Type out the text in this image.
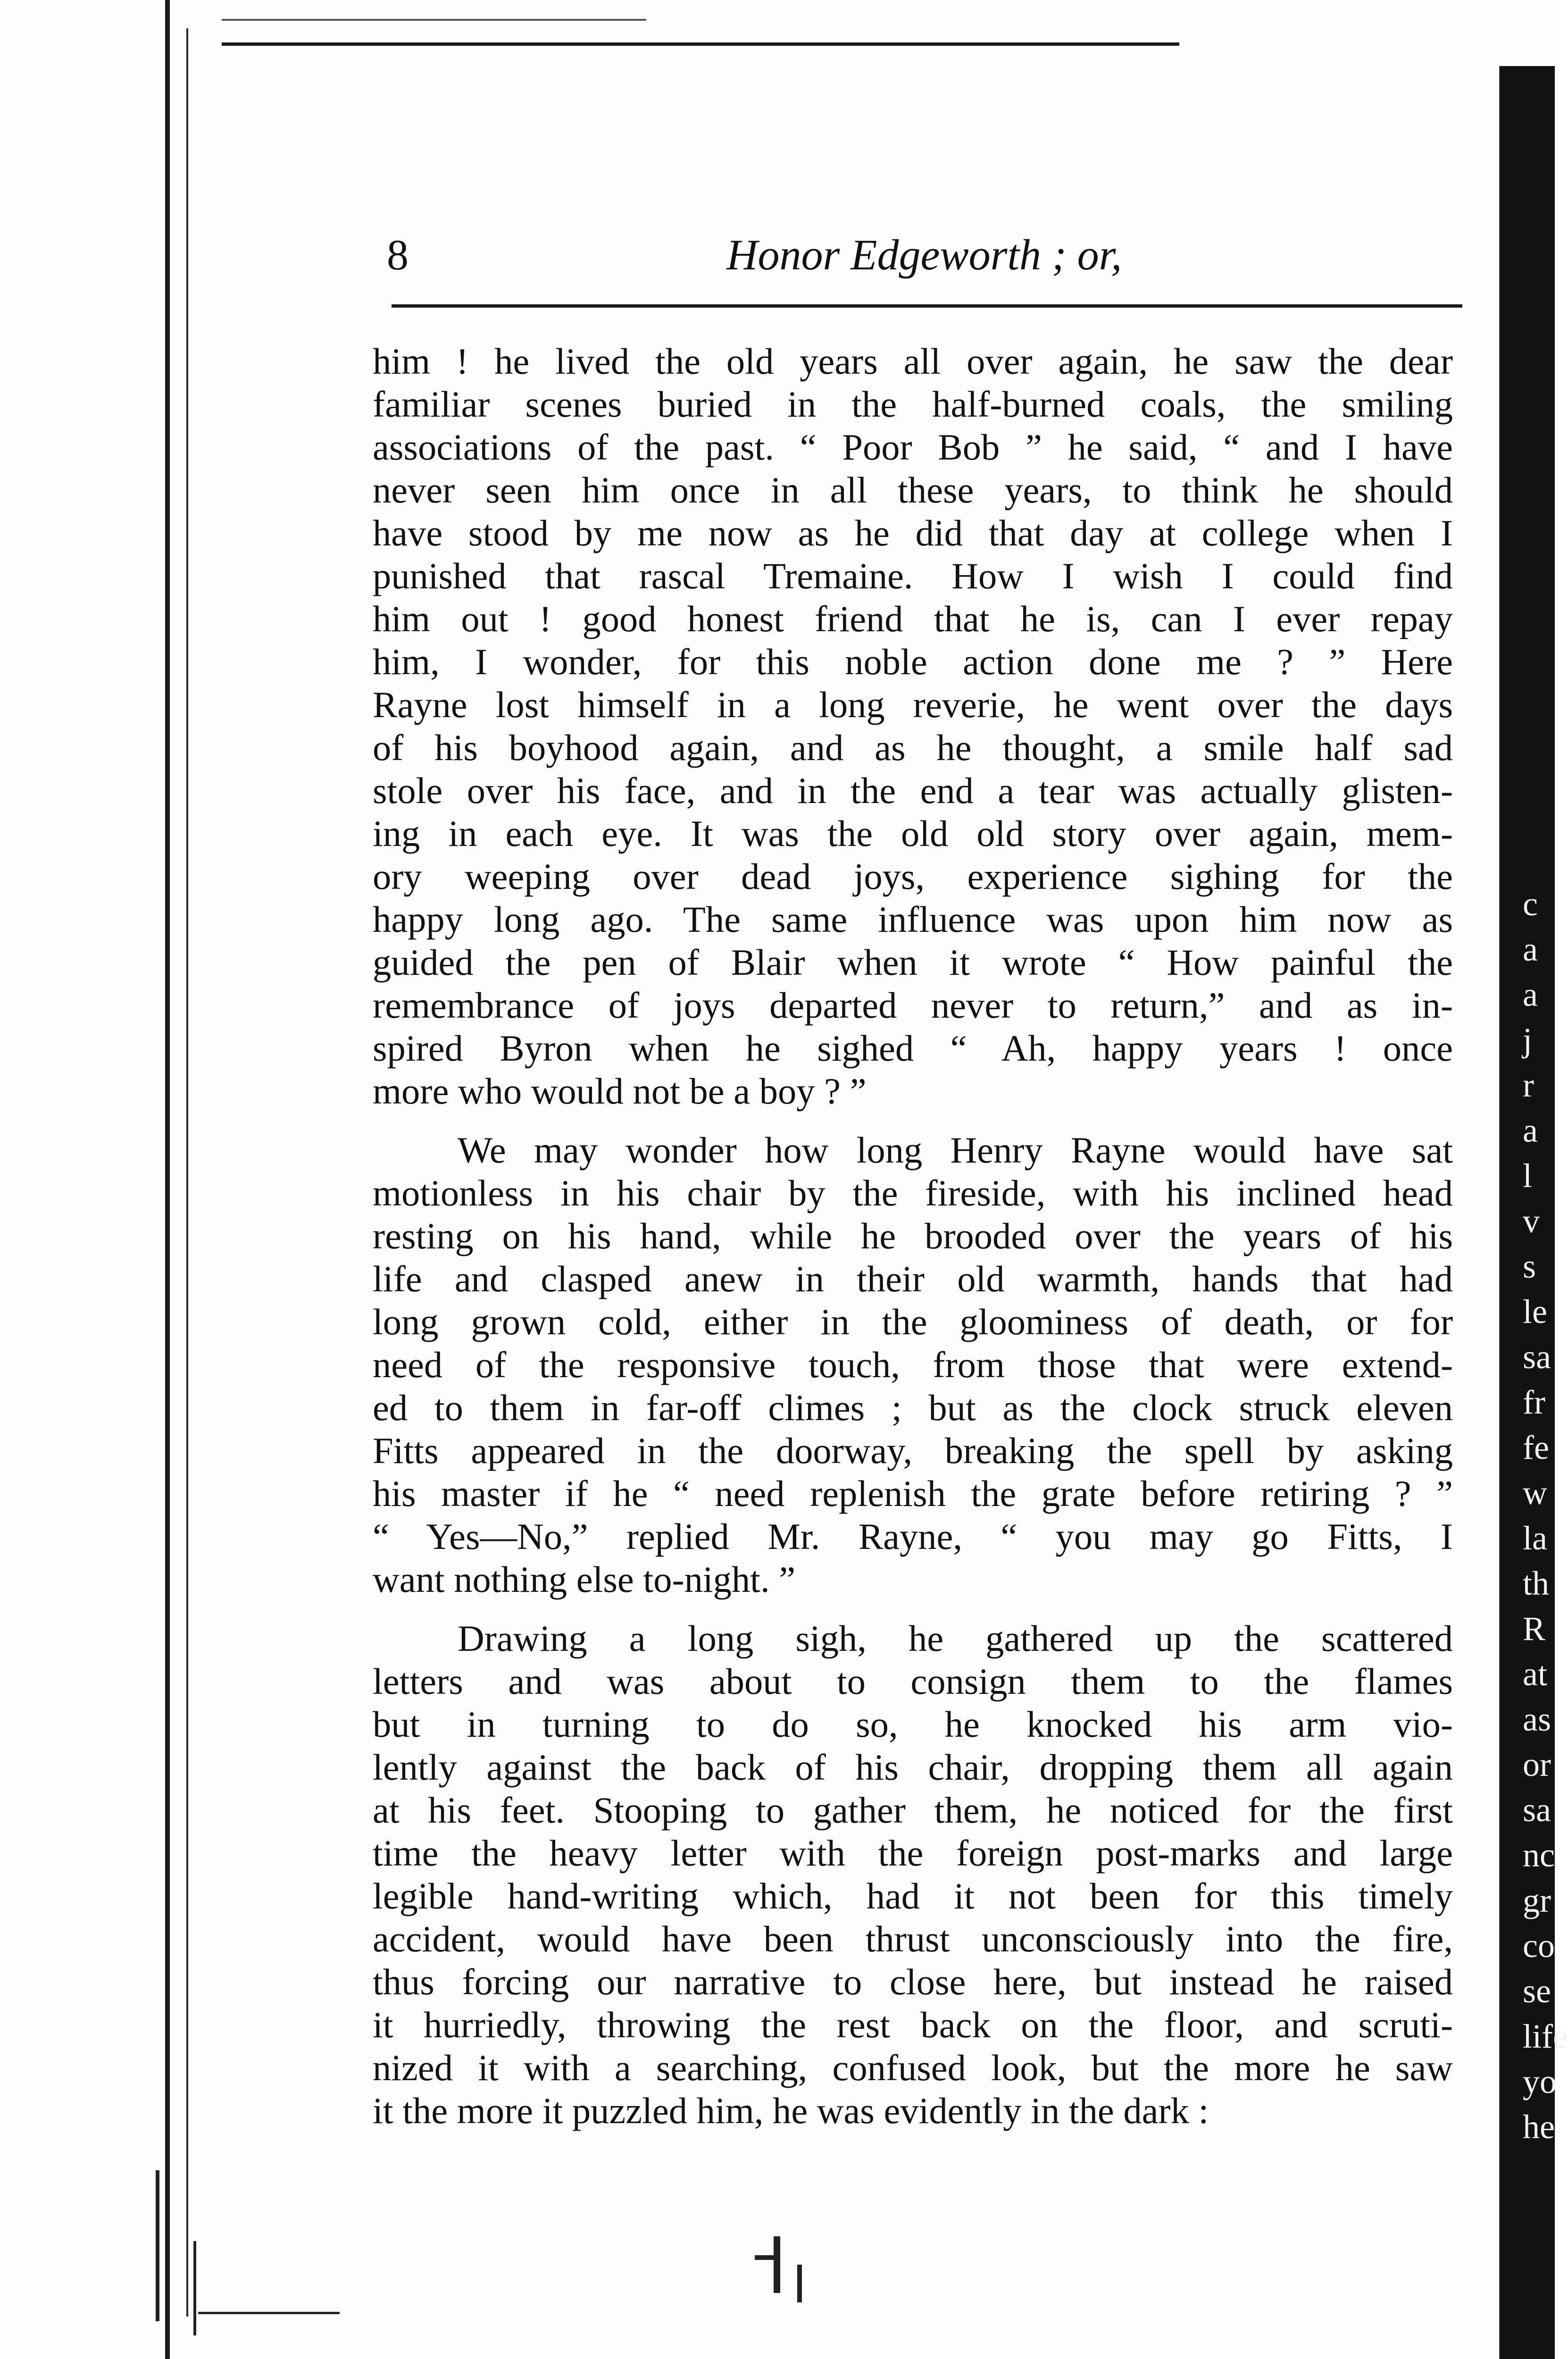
8	Honor Edgeworth ; or,
him ! he lived the old years all over again, he saw the dear
familiar scenes buried in the half-burned coals, the smiling
associations of the past. “ Poor Bob ” he said, “ and I have
never seen him once in all these years, to think he should
have stood by me now as he did that day at college when I
punished that rascal Tremaine. How I wish I could find
him out ! good honest friend that he is, can I ever repay
him, I wonder, for this noble action done me ? ” Here
Rayne lost himself in a long reverie, he went over the days
of his boyhood again, and as he thought, a smile half sad
stole over his face, and in the end a tear was actually glisten-
ing in each eye. It was the old old story over again, mem-
ory weeping over dead joys, experience sighing for the
happy long ago. The same influence was upon him now as
guided the pen of Blair when it wrote “ How painful the
remembrance of joys departed never to return,” and as in-
spired Byron when he sighed “ Ah, happy years ! once
more who would not be a boy ? ”
We may wonder how long Henry Rayne would have sat
motionless in his chair by the fireside, with his inclined head
resting on his hand, while he brooded over the years of his
life and clasped anew in their old warmth, hands that had
long grown cold, either in the gloominess of death, or for
need of the responsive touch, from those that were extend-
ed to them in far-off climes ; but as the clock struck eleven
Fitts appeared in the doorway, breaking the spell by asking
his master if he “ need replenish the grate before retiring ? ”
“ Yes—No,” replied Mr. Rayne, “ you may go Fitts, I
want nothing else to-night. ”
Drawing a long sigh, he gathered up the scattered
letters and was about to consign them to the flames
but in turning to do so, he knocked his arm vio-
lently against the back of his chair, dropping them all again
at his feet. Stooping to gather them, he noticed for the first
time the heavy letter with the foreign post-marks and large
legible hand-writing which, had it not been for this timely
accident, would have been thrust unconsciously into the fire,
thus forcing our narrative to close here, but instead he raised
it hurriedly, throwing the rest back on the floor, and scruti-
nized it with a searching, confused look, but the more he saw
it the more it puzzled him, he was evidently in the dark :
c
a
a
j
r
a
l
v
s
le
sa
fr
fe
w
la
th
R
at
as
or
sa
nc
gr
co
se
life
yo
he
